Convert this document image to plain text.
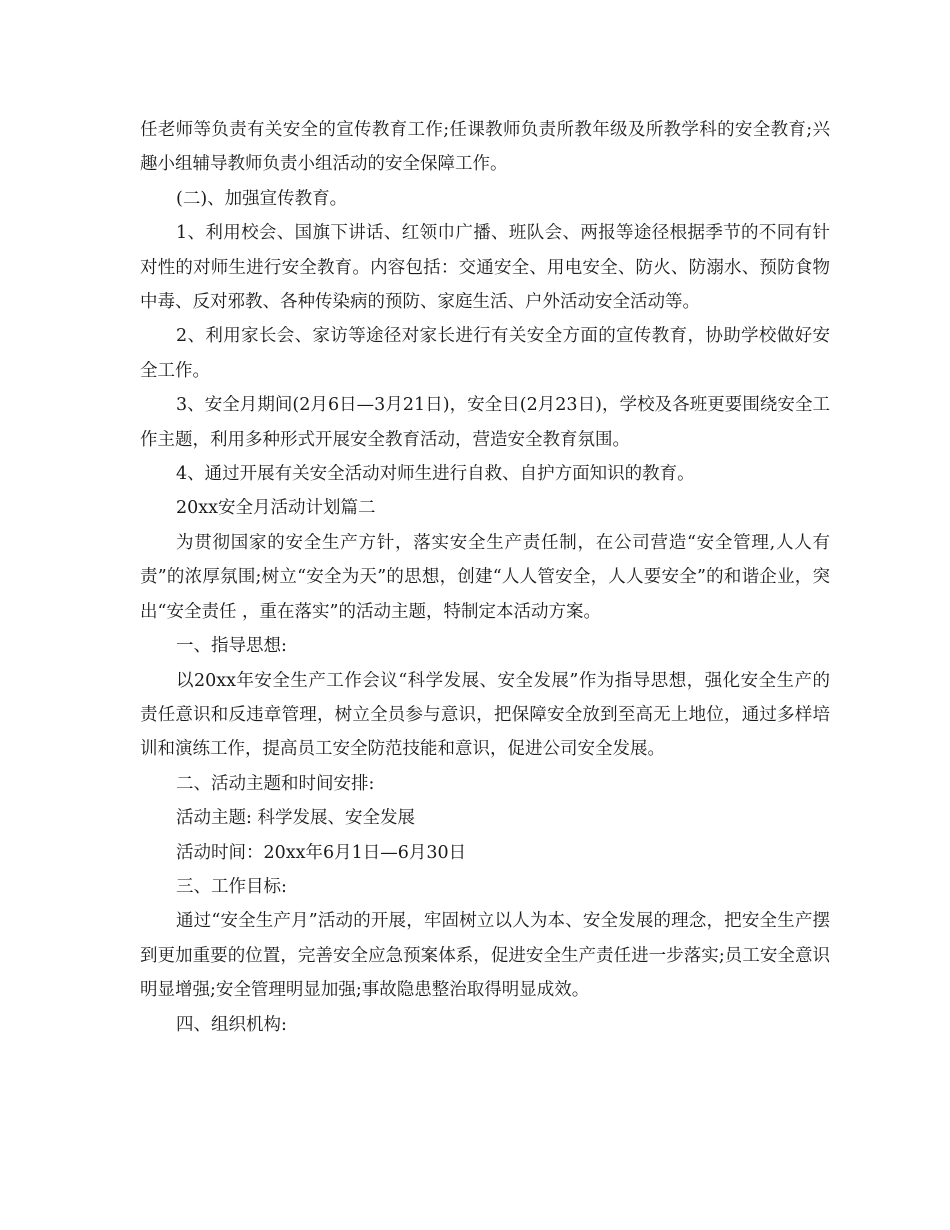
任老师等负责有关安全的宣传教育工作;任课教师负责所教年级及所教学科的安全教育;兴趣小组辅导教师负责小组活动的安全保障工作。

(二)、加强宣传教育。

1、利用校会、国旗下讲话、红领巾广播、班队会、两报等途径根据季节的不同有针对性的对师生进行安全教育。内容包括：交通安全、用电安全、防火、防溺水、预防食物中毒、反对邪教、各种传染病的预防、家庭生活、户外活动安全活动等。

2、利用家长会、家访等途径对家长进行有关安全方面的宣传教育，协助学校做好安全工作。

3、安全月期间(2月6日—3月21日)，安全日(2月23日)，学校及各班更要围绕安全工作主题，利用多种形式开展安全教育活动，营造安全教育氛围。

4、通过开展有关安全活动对师生进行自救、自护方面知识的教育。

20xx安全月活动计划篇二

为贯彻国家的安全生产方针，落实安全生产责任制，在公司营造“安全管理,人人有责”的浓厚氛围;树立“安全为天”的思想，创建“人人管安全，人人要安全”的和谐企业，突出“安全责任 ，重在落实”的活动主题，特制定本活动方案。

一、指导思想:

以20xx年安全生产工作会议“科学发展、安全发展”作为指导思想，强化安全生产的责任意识和反违章管理，树立全员参与意识，把保障安全放到至高无上地位，通过多样培训和演练工作，提高员工安全防范技能和意识，促进公司安全发展。

二、活动主题和时间安排:

活动主题: 科学发展、安全发展

活动时间：20xx年6月1日—6月30日

三、工作目标:

通过“安全生产月”活动的开展，牢固树立以人为本、安全发展的理念，把安全生产摆到更加重要的位置，完善安全应急预案体系，促进安全生产责任进一步落实;员工安全意识明显增强;安全管理明显加强;事故隐患整治取得明显成效。

四、组织机构:
